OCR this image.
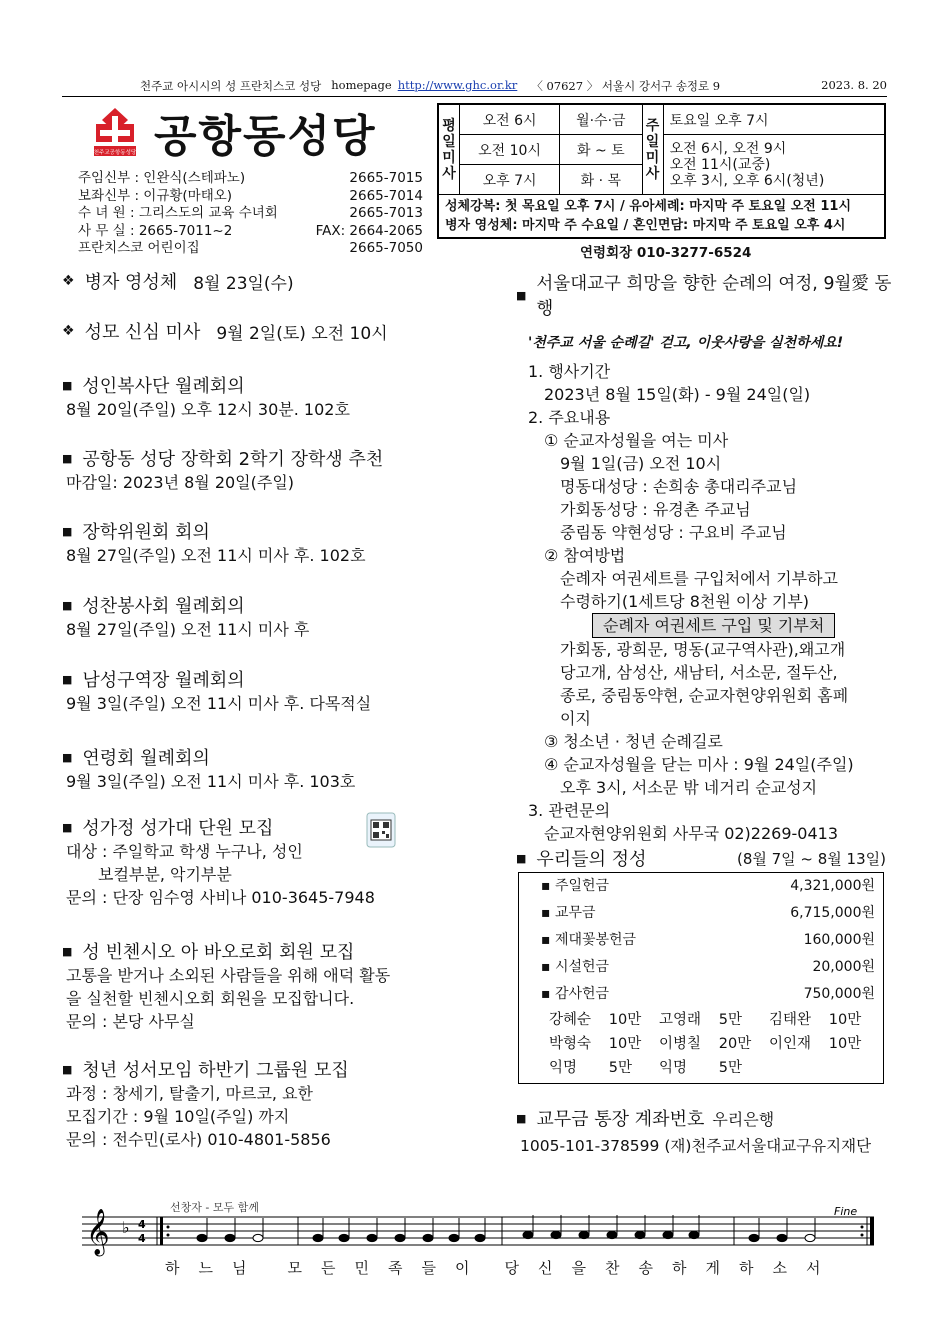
천주교 아시시의 성 프란치스코 성당 homepage http://www.ghc.or.kr 〈 07627 〉 서울시 강서구 송정로 9	2023. 8. 20
천주교공항동성당 공항동성당
주임신부 : 인완식(스테파노)	2665-7015
보좌신부 : 이규황(마태오)	2665-7014
수 녀 원 : 그리스도의 교육 수녀회	2665-7013
사 무 실 : 2665-7011~2	FAX: 2664-2065
프란치스코 어린이집	2665-7050
평일미사	오전 6시	월·수·금	주일미사	토요일 오후 7시
	오전 10시	화 ~ 토		오전 6시, 오전 9시
오전 11시(교중)
오후 3시, 오후 6시(청년)

	오후 7시	화 · 목		

성체강복: 첫 목요일 오후 7시 / 유아세례: 마지막 주 토요일 오전 11시
병자 영성체: 마지막 주 수요일 / 혼인면담: 마지막 주 토요일 오후 4시				
연령회장 010-3277-6524
❖ 병자 영성체 8월 23일(수)
❖ 성모 신심 미사 9월 2일(토) 오전 10시
■ 성인복사단 월례회의
8월 20일(주일) 오후 12시 30분. 102호
■ 공항동 성당 장학회 2학기 장학생 추천
마감일: 2023년 8월 20일(주일)
■ 장학위원회 회의
8월 27일(주일) 오전 11시 미사 후. 102호
■ 성찬봉사회 월례회의
8월 27일(주일) 오전 11시 미사 후
■ 남성구역장 월례회의
9월 3일(주일) 오전 11시 미사 후. 다목적실
■ 연령회 월례회의
9월 3일(주일) 오전 11시 미사 후. 103호
■ 성가정 성가대 단원 모집
대상 : 주일학교 학생 누구나, 성인
　　보컬부분, 악기부분
문의 : 단장 임수영 사비나 010-3645-7948
■ 성 빈첸시오 아 바오로회 회원 모집
고통을 받거나 소외된 사람들을 위해 애덕 활동
을 실천할 빈첸시오회 회원을 모집합니다.
문의 : 본당 사무실
■ 청년 성서모임 하반기 그룹원 모집
과정 : 창세기, 탈출기, 마르코, 요한
모집기간 : 9월 10일(주일) 까지
문의 : 전수민(로사) 010-4801-5856
■
서울대교구 희망을 향한 순례의 여정, 9월愛 동행
'천주교 서울 순례길' 걷고, 이웃사랑을 실천하세요!
1. 행사기간
　2023년 8월 15일(화) - 9월 24일(일)
2. 주요내용
　① 순교자성월을 여는 미사
　　9월 1일(금) 오전 10시
　　명동대성당 : 손희송 총대리주교님
　　가회동성당 : 유경촌 주교님
　　중림동 약현성당 : 구요비 주교님
　② 참여방법
　　순례자 여권세트를 구입처에서 기부하고
　　수령하기(1세트당 8천원 이상 기부)
순례자 여권세트 구입 및 기부처
　　가회동, 광희문, 명동(교구역사관),왜고개
　　당고개, 삼성산, 새남터, 서소문, 절두산,
　　종로, 중림동약현, 순교자현양위원회 홈페
　　이지
　③ 청소년 · 청년 순례길로
　④ 순교자성월을 닫는 미사 : 9월 24일(주일)
　　오후 3시, 서소문 밖 네거리 순교성지
3. 관련문의
　순교자현양위원회 사무국 02)2269-0413
■ 우리들의 정성	(8월 7일 ~ 8월 13일)
▪ 주일헌금	4,321,000원
▪ 교무금	6,715,000원
▪ 제대꽃봉헌금	160,000원
▪ 시설헌금	20,000원
▪ 감사헌금	750,000원
강혜순	10만	고영래	5만	김태완	10만
박형숙	10만	이병칠	20만	이인재	10만
익명	5만	익명	5만
■ 교무금 통장 계좌번호 우리은행
1005-101-378599 (재)천주교서울대교구유지재단
선창자 - 모두 함께
𝄞 ♭ 4
4
Fine
하 느 님	모 든 민 족 들 이 당 신 을 찬 송 하 게 하 소 서
